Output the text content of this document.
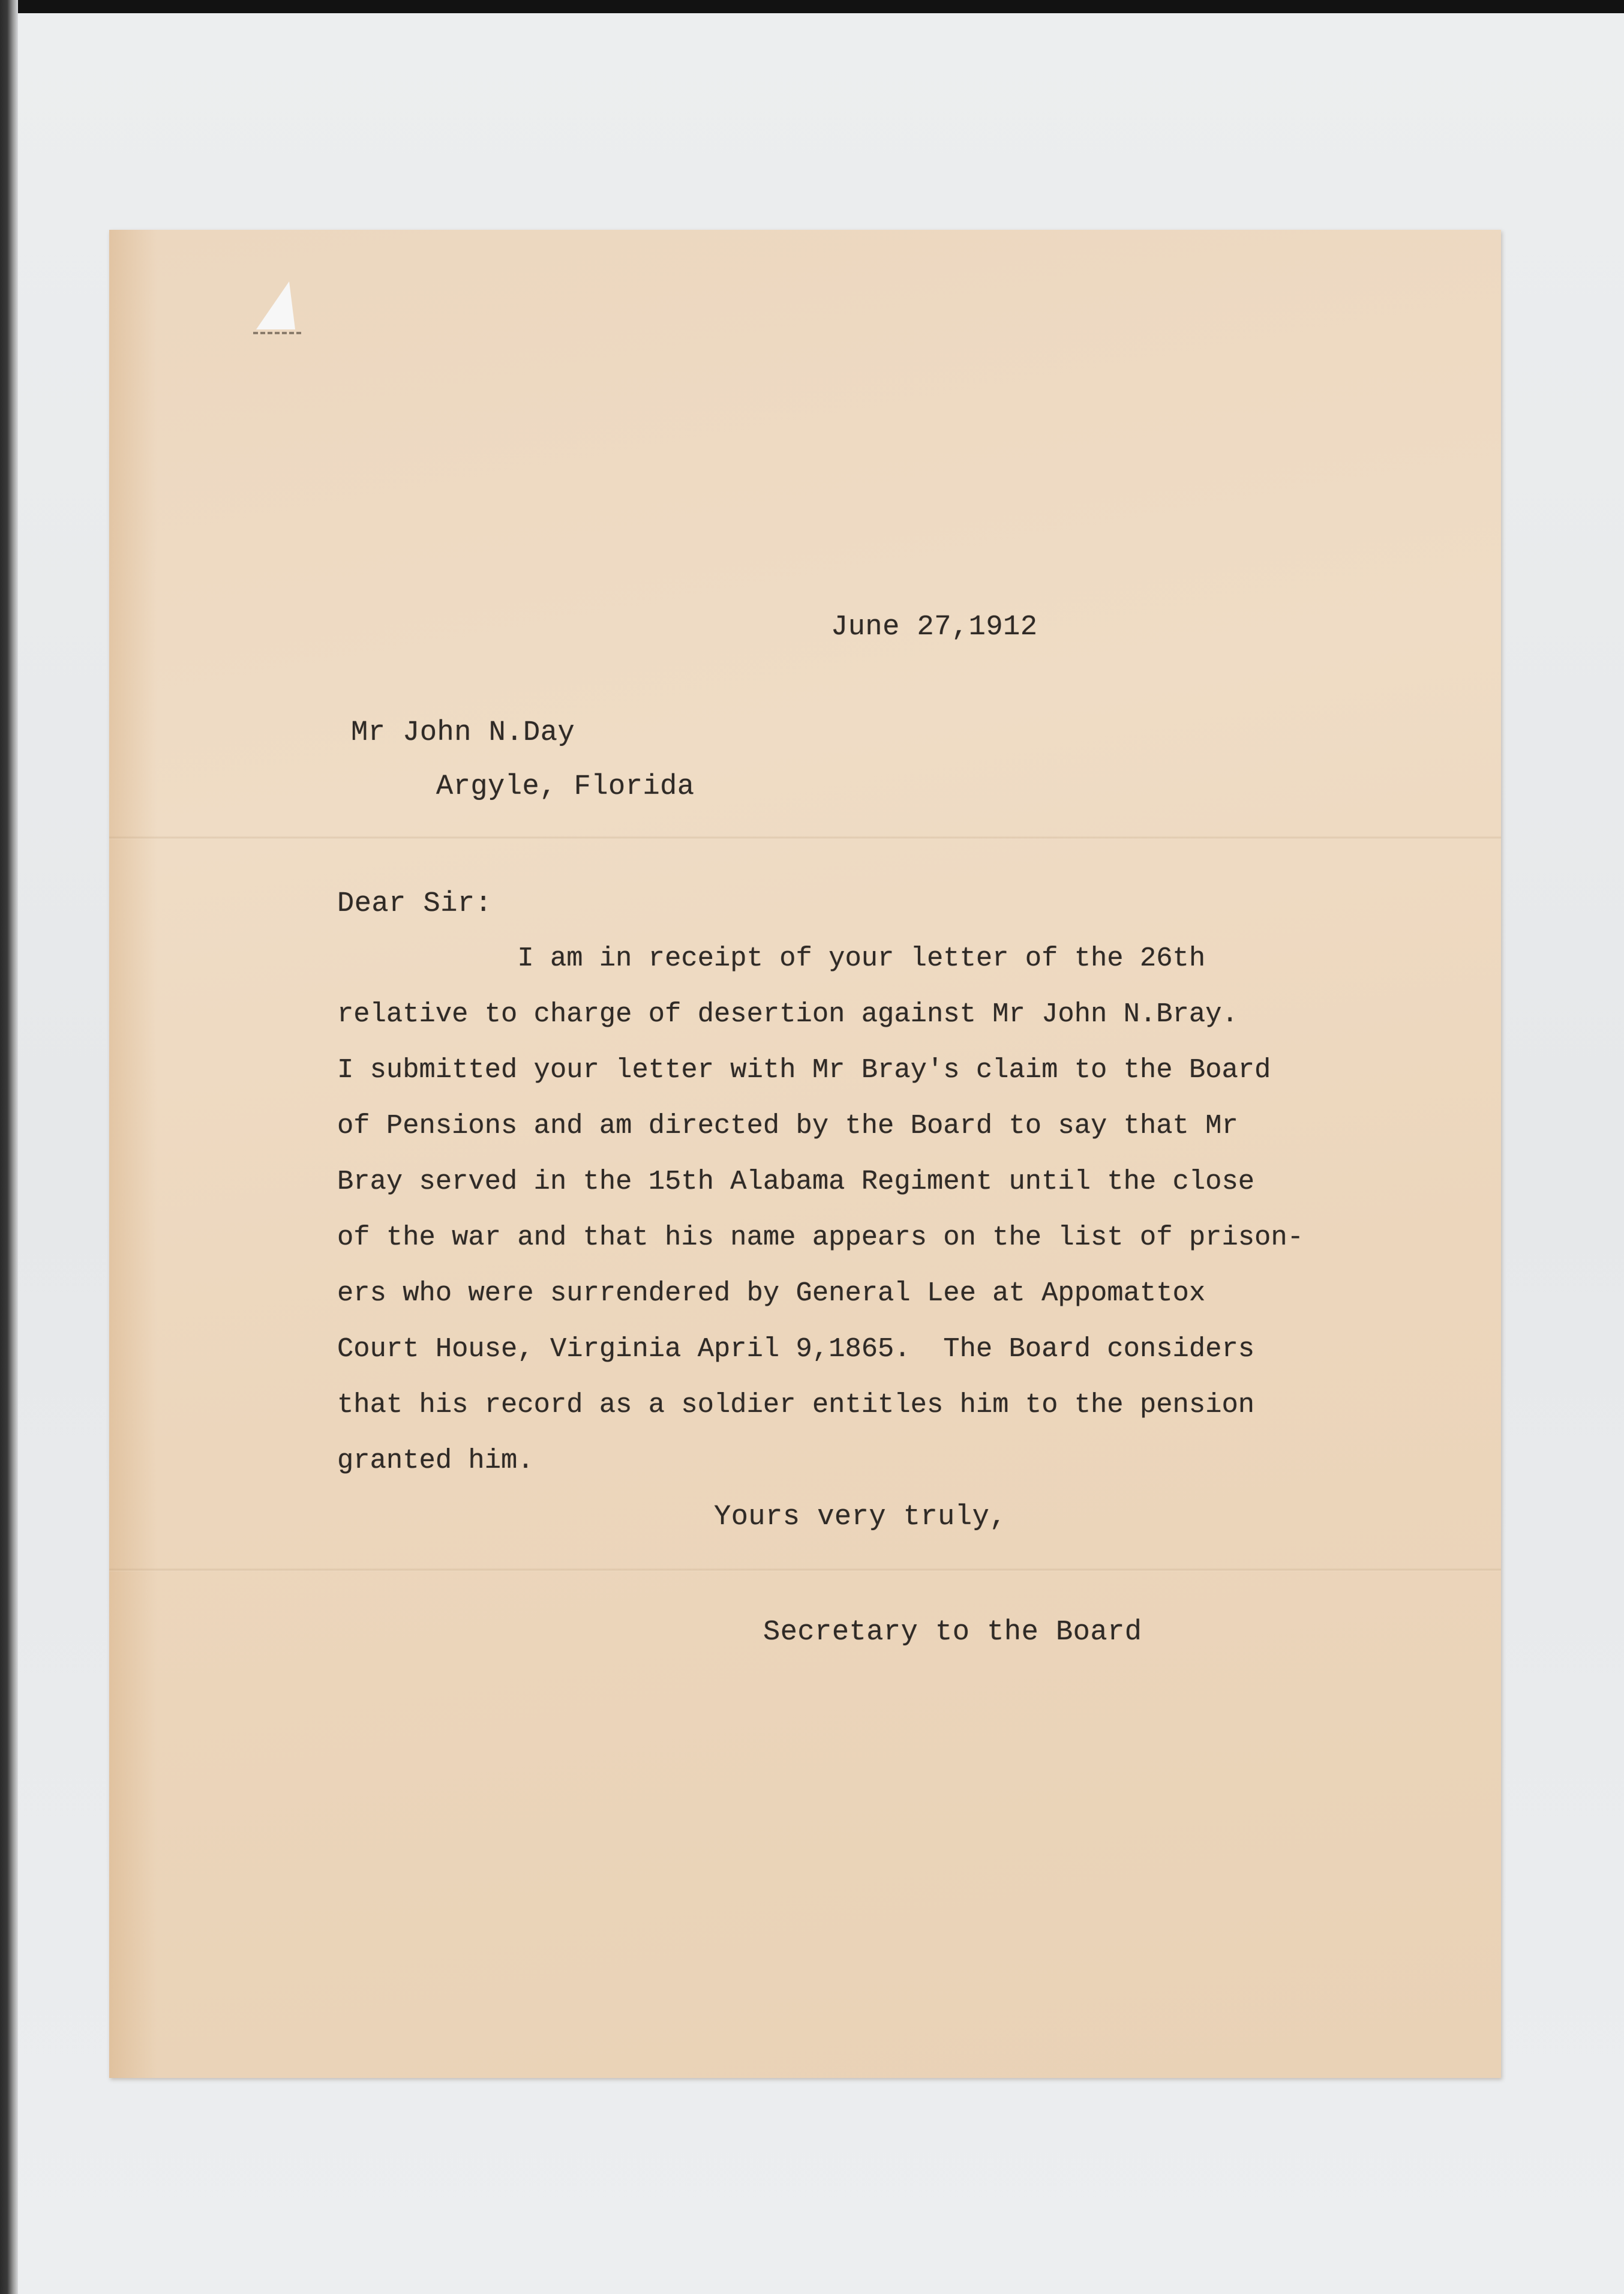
June 27,1912
Mr John N.Day
Argyle, Florida
Dear Sir:
I am in receipt of your letter of the 26th
relative to charge of desertion against Mr John N.Bray.
I submitted your letter with Mr Bray's claim to the Board
of Pensions and am directed by the Board to say that Mr
Bray served in the 15th Alabama Regiment until the close
of the war and that his name appears on the list of prison-
ers who were surrendered by General Lee at Appomattox
Court House, Virginia April 9,1865.  The Board considers
that his record as a soldier entitles him to the pension
granted him.
Yours very truly,
Secretary to the Board
